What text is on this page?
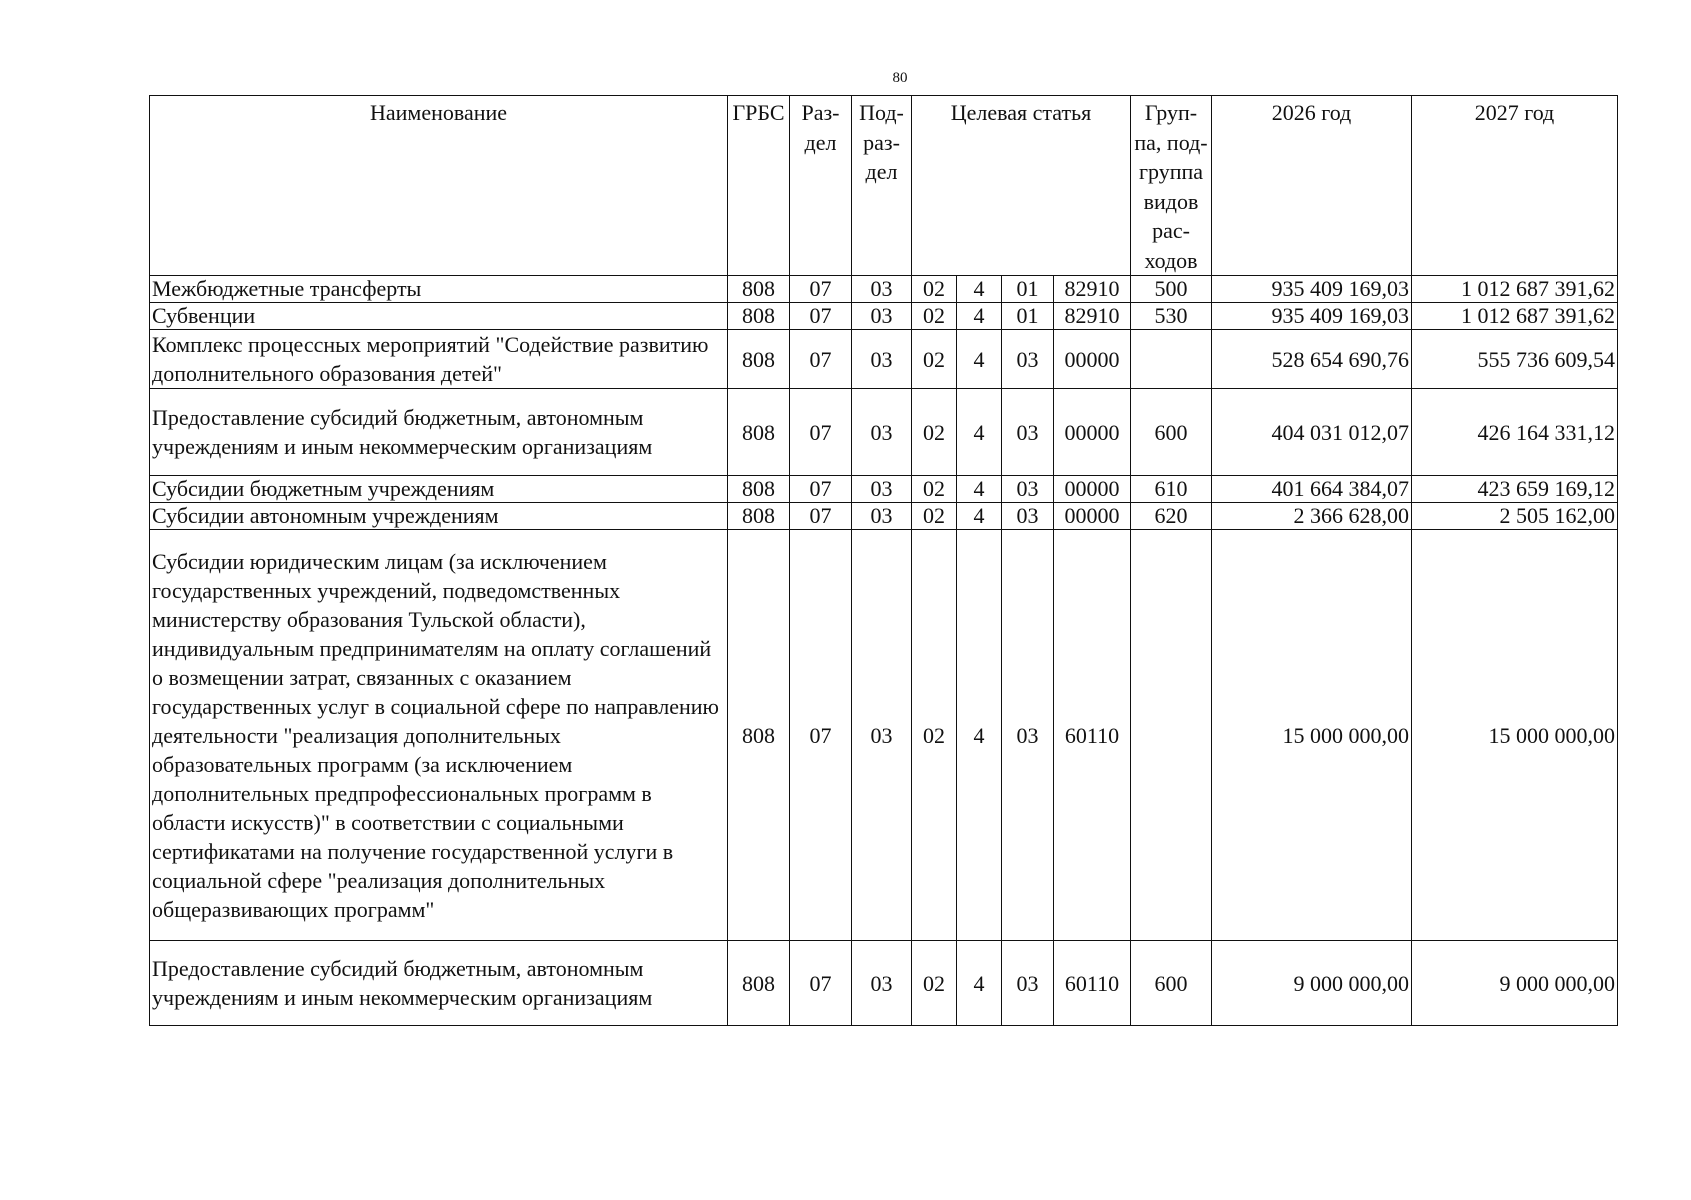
80
Наименование	ГРБС	Раз-дел	Под-раз-дел	Целевая статья				Груп-па, под-группа видов рас-ходов	2026 год	2027 год
Межбюджетные трансферты	808	07	03	02	4	01	82910	500	935 409 169,03	1 012 687 391,62
Субвенции	808	07	03	02	4	01	82910	530	935 409 169,03	1 012 687 391,62
Комплекс процессных мероприятий "Содействие развитию дополнительного образования детей"	808	07	03	02	4	03	00000		528 654 690,76	555 736 609,54
Предоставление субсидий бюджетным, автономным учреждениям и иным некоммерческим организациям	808	07	03	02	4	03	00000	600	404 031 012,07	426 164 331,12
Субсидии бюджетным учреждениям	808	07	03	02	4	03	00000	610	401 664 384,07	423 659 169,12
Субсидии автономным учреждениям	808	07	03	02	4	03	00000	620	2 366 628,00	2 505 162,00
Субсидии юридическим лицам (за исключением государственных учреждений, подведомственных министерству образования Тульской области), индивидуальным предпринимателям на оплату соглашений о возмещении затрат, связанных с оказанием государственных услуг в социальной сфере по направлению деятельности "реализация дополнительных образовательных программ (за исключением дополнительных предпрофессиональных программ в области искусств)" в соответствии с социальными сертификатами на получение государственной услуги в социальной сфере "реализация дополнительных общеразвивающих программ"	808	07	03	02	4	03	60110		15 000 000,00	15 000 000,00
Предоставление субсидий бюджетным, автономным учреждениям и иным некоммерческим организациям	808	07	03	02	4	03	60110	600	9 000 000,00	9 000 000,00
